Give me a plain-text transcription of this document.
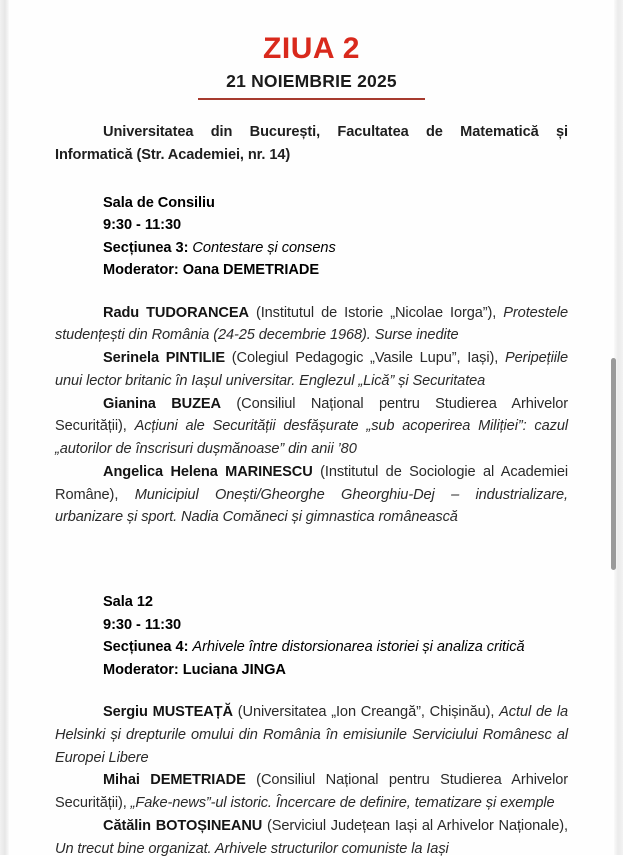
ZIUA 2

21 NOIEMBRIE 2025

Universitatea din București, Facultatea de Matematică și Informatică (Str. Academiei, nr. 14)

Sala de Consiliu
9:30 - 11:30
Secțiunea 3: Contestare și consens
Moderator: Oana DEMETRIADE

Radu TUDORANCEA (Institutul de Istorie „Nicolae Iorga”), Protestele studențești din România (24-25 decembrie 1968). Surse inedite

Serinela PINTILIE (Colegiul Pedagogic „Vasile Lupu”, Iași), Peripețiile unui lector britanic în Iașul universitar. Englezul „Lică” și Securitatea

Gianina BUZEA (Consiliul Național pentru Studierea Arhivelor Securității), Acțiuni ale Securității desfășurate „sub acoperirea Miliției”: cazul „autorilor de înscrisuri dușmănoase” din anii ’80

Angelica Helena MARINESCU (Institutul de Sociologie al Academiei Române), Municipiul Onești/Gheorghe Gheorghiu-Dej – industrializare, urbanizare și sport. Nadia Comăneci și gimnastica românească

Sala 12
9:30 - 11:30
Secțiunea 4: Arhivele între distorsionarea istoriei și analiza critică
Moderator: Luciana JINGA

Sergiu MUSTEAȚĂ (Universitatea „Ion Creangă”, Chișinău), Actul de la Helsinki și drepturile omului din România în emisiunile Serviciului Românesc al Europei Libere

Mihai DEMETRIADE (Consiliul Național pentru Studierea Arhivelor Securității), „Fake-news”-ul istoric. Încercare de definire, tematizare și exemple

Cătălin BOTOȘINEANU (Serviciul Județean Iași al Arhivelor Naționale), Un trecut bine organizat. Arhivele structurilor comuniste la Iași
